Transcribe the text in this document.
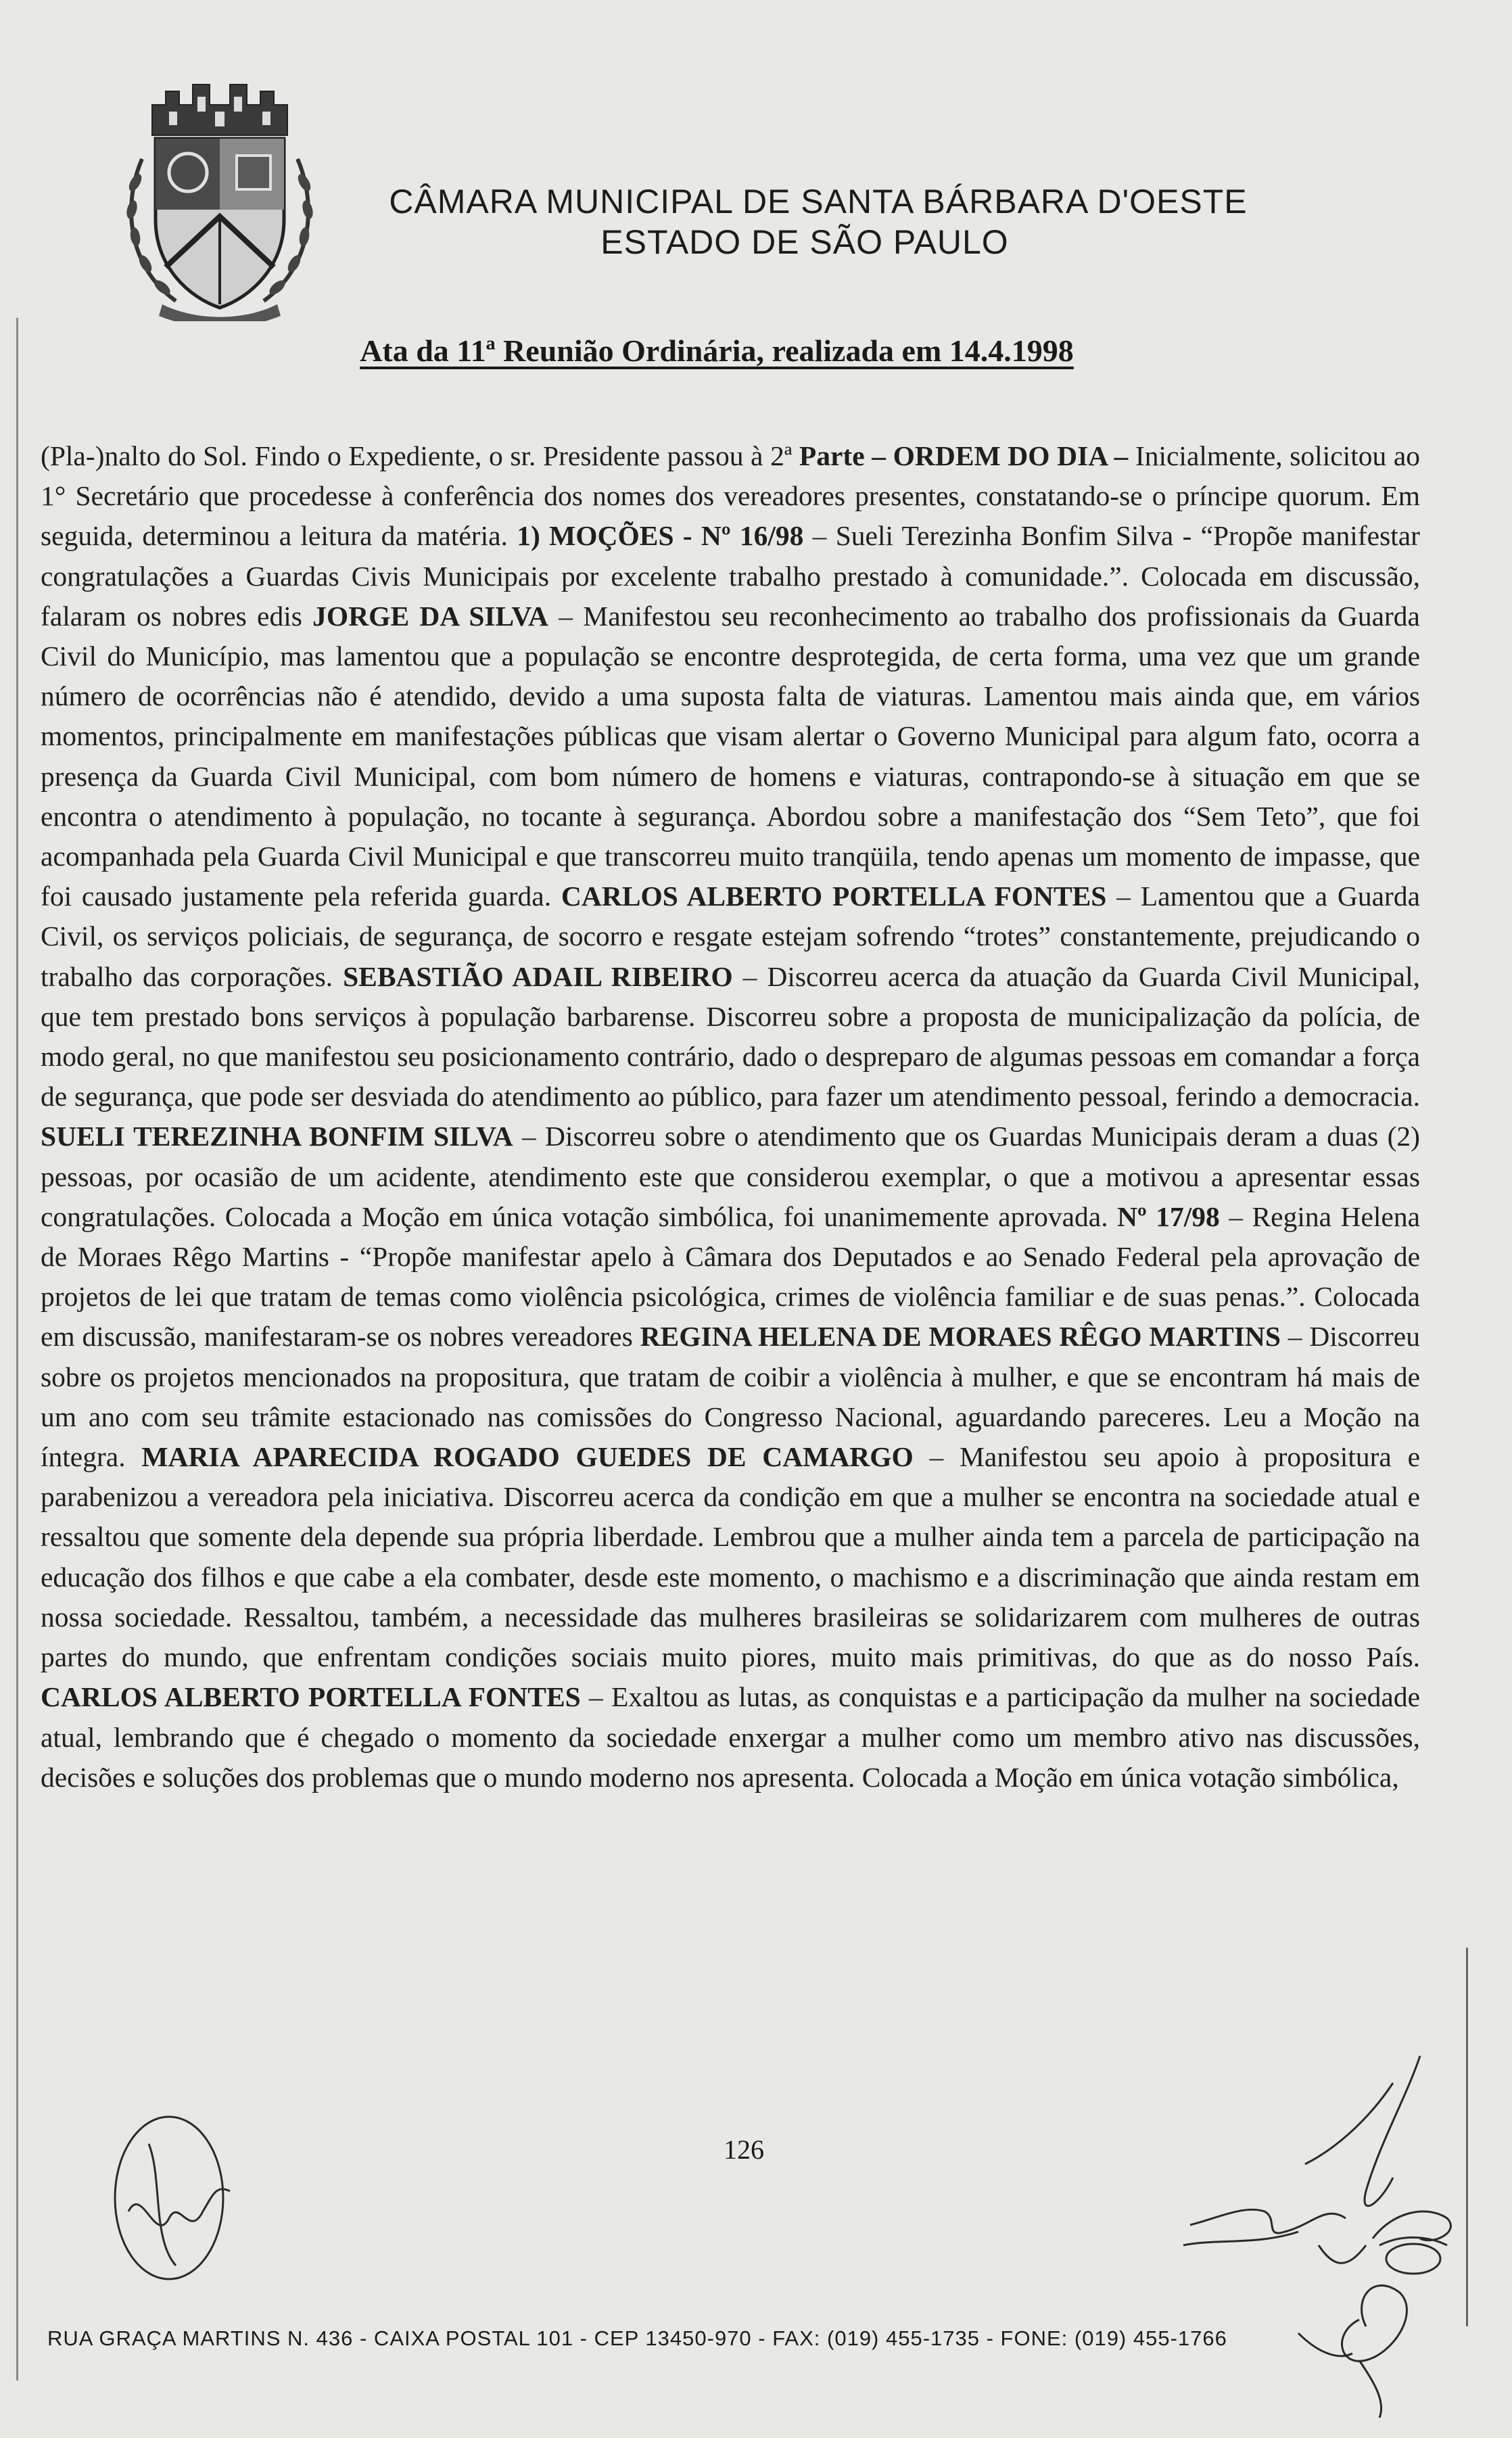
CÂMARA MUNICIPAL DE SANTA BÁRBARA D'OESTE
ESTADO DE SÃO PAULO
Ata da 11ª Reunião Ordinária, realizada em 14.4.1998

(Pla-)nalto do Sol. Findo o Expediente, o sr. Presidente passou à 2ª Parte – ORDEM DO DIA – Inicialmente, solicitou ao 1° Secretário que procedesse à conferência dos nomes dos vereadores presentes, constatando-se o príncipe quorum. Em seguida, determinou a leitura da matéria. 1) MOÇÕES - Nº 16/98 – Sueli Terezinha Bonfim Silva - “Propõe manifestar congratulações a Guardas Civis Municipais por excelente trabalho prestado à comunidade.”. Colocada em discussão, falaram os nobres edis JORGE DA SILVA – Manifestou seu reconhecimento ao trabalho dos profissionais da Guarda Civil do Município, mas lamentou que a população se encontre desprotegida, de certa forma, uma vez que um grande número de ocorrências não é atendido, devido a uma suposta falta de viaturas. Lamentou mais ainda que, em vários momentos, principalmente em manifestações públicas que visam alertar o Governo Municipal para algum fato, ocorra a presença da Guarda Civil Municipal, com bom número de homens e viaturas, contrapondo-se à situação em que se encontra o atendimento à população, no tocante à segurança. Abordou sobre a manifestação dos “Sem Teto”, que foi acompanhada pela Guarda Civil Municipal e que transcorreu muito tranqüila, tendo apenas um momento de impasse, que foi causado justamente pela referida guarda. CARLOS ALBERTO PORTELLA FONTES – Lamentou que a Guarda Civil, os serviços policiais, de segurança, de socorro e resgate estejam sofrendo “trotes” constantemente, prejudicando o trabalho das corporações. SEBASTIÃO ADAIL RIBEIRO – Discorreu acerca da atuação da Guarda Civil Municipal, que tem prestado bons serviços à população barbarense. Discorreu sobre a proposta de municipalização da polícia, de modo geral, no que manifestou seu posicionamento contrário, dado o despreparo de algumas pessoas em comandar a força de segurança, que pode ser desviada do atendimento ao público, para fazer um atendimento pessoal, ferindo a democracia. SUELI TEREZINHA BONFIM SILVA – Discorreu sobre o atendimento que os Guardas Municipais deram a duas (2) pessoas, por ocasião de um acidente, atendimento este que considerou exemplar, o que a motivou a apresentar essas congratulações. Colocada a Moção em única votação simbólica, foi unanimemente aprovada. Nº 17/98 – Regina Helena de Moraes Rêgo Martins - “Propõe manifestar apelo à Câmara dos Deputados e ao Senado Federal pela aprovação de projetos de lei que tratam de temas como violência psicológica, crimes de violência familiar e de suas penas.”. Colocada em discussão, manifestaram-se os nobres vereadores REGINA HELENA DE MORAES RÊGO MARTINS – Discorreu sobre os projetos mencionados na propositura, que tratam de coibir a violência à mulher, e que se encontram há mais de um ano com seu trâmite estacionado nas comissões do Congresso Nacional, aguardando pareceres. Leu a Moção na íntegra. MARIA APARECIDA ROGADO GUEDES DE CAMARGO – Manifestou seu apoio à propositura e parabenizou a vereadora pela iniciativa. Discorreu acerca da condição em que a mulher se encontra na sociedade atual e ressaltou que somente dela depende sua própria liberdade. Lembrou que a mulher ainda tem a parcela de participação na educação dos filhos e que cabe a ela combater, desde este momento, o machismo e a discriminação que ainda restam em nossa sociedade. Ressaltou, também, a necessidade das mulheres brasileiras se solidarizarem com mulheres de outras partes do mundo, que enfrentam condições sociais muito piores, muito mais primitivas, do que as do nosso País. CARLOS ALBERTO PORTELLA FONTES – Exaltou as lutas, as conquistas e a participação da mulher na sociedade atual, lembrando que é chegado o momento da sociedade enxergar a mulher como um membro ativo nas discussões, decisões e soluções dos problemas que o mundo moderno nos apresenta. Colocada a Moção em única votação simbólica,

126
RUA GRAÇA MARTINS N. 436 - CAIXA POSTAL 101 - CEP 13450-970 - FAX: (019) 455-1735 - FONE: (019) 455-1766
